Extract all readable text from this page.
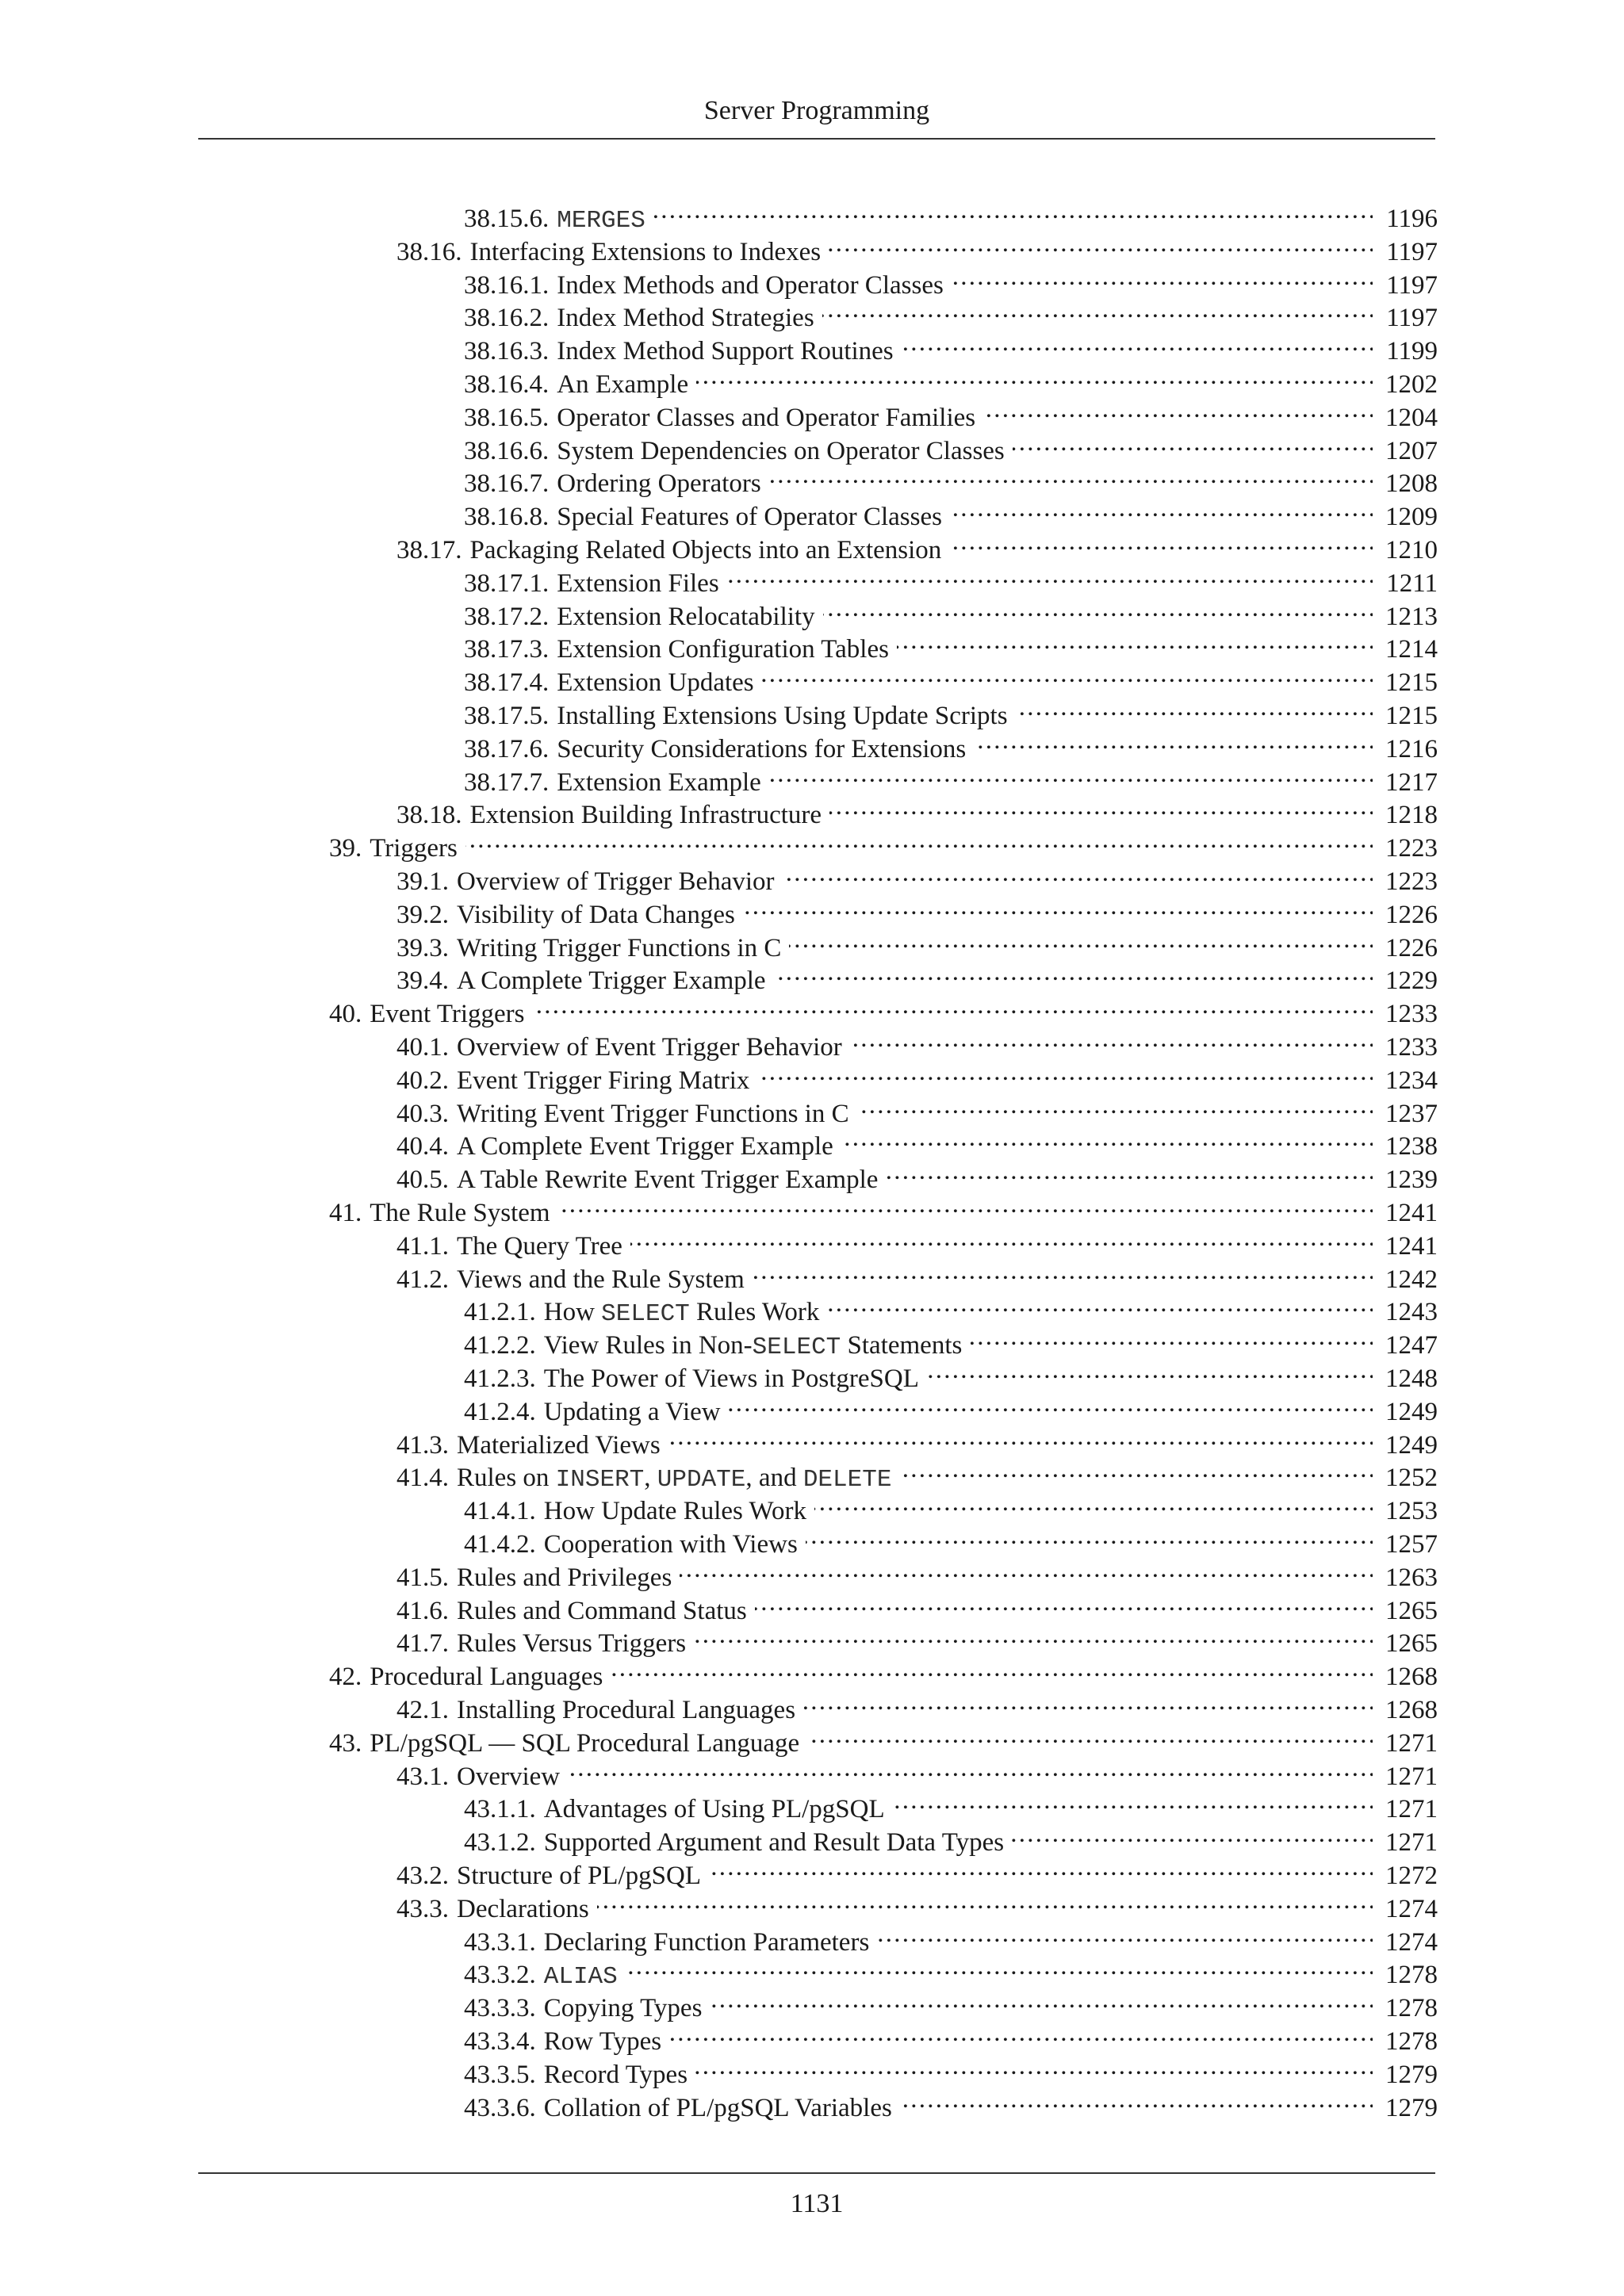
Server Programming
38.15.6. MERGES . . .	1196
38.16. Interfacing Extensions to Indexes . . .	1197
38.16.1. Index Methods and Operator Classes . . .	1197
38.16.2. Index Method Strategies . . .	1197
38.16.3. Index Method Support Routines . . .	1199
38.16.4. An Example . . .	1202
38.16.5. Operator Classes and Operator Families . . .	1204
38.16.6. System Dependencies on Operator Classes . . .	1207
38.16.7. Ordering Operators . . .	1208
38.16.8. Special Features of Operator Classes . . .	1209
38.17. Packaging Related Objects into an Extension . . .	1210
38.17.1. Extension Files . . .	1211
38.17.2. Extension Relocatability . . .	1213
38.17.3. Extension Configuration Tables . . .	1214
38.17.4. Extension Updates . . .	1215
38.17.5. Installing Extensions Using Update Scripts . . .	1215
38.17.6. Security Considerations for Extensions . . .	1216
38.17.7. Extension Example . . .	1217
38.18. Extension Building Infrastructure . . .	1218
39. Triggers . . .	1223
39.1. Overview of Trigger Behavior . . .	1223
39.2. Visibility of Data Changes . . .	1226
39.3. Writing Trigger Functions in C . . .	1226
39.4. A Complete Trigger Example . . .	1229
40. Event Triggers . . .	1233
40.1. Overview of Event Trigger Behavior . . .	1233
40.2. Event Trigger Firing Matrix . . .	1234
40.3. Writing Event Trigger Functions in C . . .	1237
40.4. A Complete Event Trigger Example . . .	1238
40.5. A Table Rewrite Event Trigger Example . . .	1239
41. The Rule System . . .	1241
41.1. The Query Tree . . .	1241
41.2. Views and the Rule System . . .	1242
41.2.1. How SELECT Rules Work . . .	1243
41.2.2. View Rules in Non-SELECT Statements . . .	1247
41.2.3. The Power of Views in PostgreSQL . . .	1248
41.2.4. Updating a View . . .	1249
41.3. Materialized Views . . .	1249
41.4. Rules on INSERT, UPDATE, and DELETE . . .	1252
41.4.1. How Update Rules Work . . .	1253
41.4.2. Cooperation with Views . . .	1257
41.5. Rules and Privileges . . .	1263
41.6. Rules and Command Status . . .	1265
41.7. Rules Versus Triggers . . .	1265
42. Procedural Languages . . .	1268
42.1. Installing Procedural Languages . . .	1268
43. PL/pgSQL — SQL Procedural Language . . .	1271
43.1. Overview . . .	1271
43.1.1. Advantages of Using PL/pgSQL . . .	1271
43.1.2. Supported Argument and Result Data Types . . .	1271
43.2. Structure of PL/pgSQL . . .	1272
43.3. Declarations . . .	1274
43.3.1. Declaring Function Parameters . . .	1274
43.3.2. ALIAS . . .	1278
43.3.3. Copying Types . . .	1278
43.3.4. Row Types . . .	1278
43.3.5. Record Types . . .	1279
43.3.6. Collation of PL/pgSQL Variables . . .	1279
1131
